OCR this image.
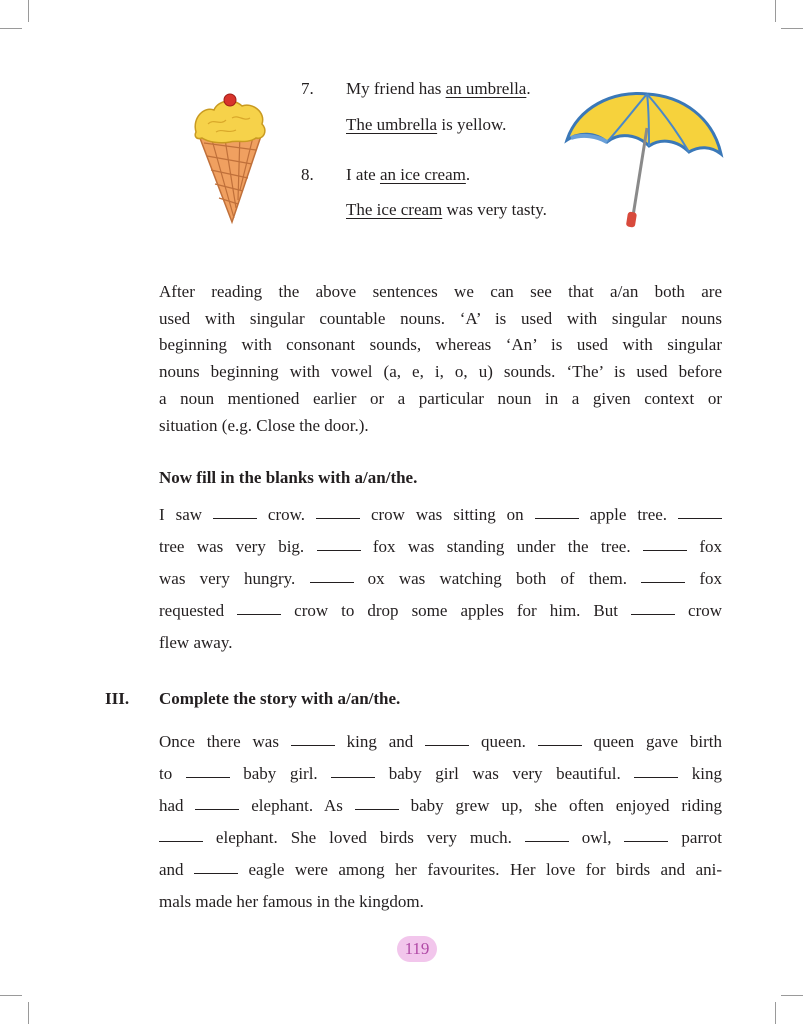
7. My friend has an umbrella.
The umbrella is yellow.
8. I ate an ice cream.
The ice cream was very tasty.
After reading the above sentences we can see that a/an both are
used with singular countable nouns. ‘A’ is used with singular nouns
beginning with consonant sounds, whereas ‘An’ is used with singular
nouns beginning with vowel (a, e, i, o, u) sounds. ‘The’ is used before
a noun mentioned earlier or a particular noun in a given context or
situation (e.g. Close the door.).
Now fill in the blanks with a/an/the.
I saw	crow.	crow was sitting on	apple tree.
tree was very big.	fox was standing under the tree.	fox
was very hungry.	ox was watching both of them.	fox
requested	crow to drop some apples for him. But	crow
flew away.
III. Complete the story with a/an/the.
Once there was	king and	queen.	queen gave birth
to	baby girl.	baby girl was very beautiful.	king
had	elephant. As	baby grew up, she often enjoyed riding
elephant. She loved birds very much.	owl,	parrot
and	eagle were among her favourites. Her love for birds and ani-
mals made her famous in the kingdom.
119
